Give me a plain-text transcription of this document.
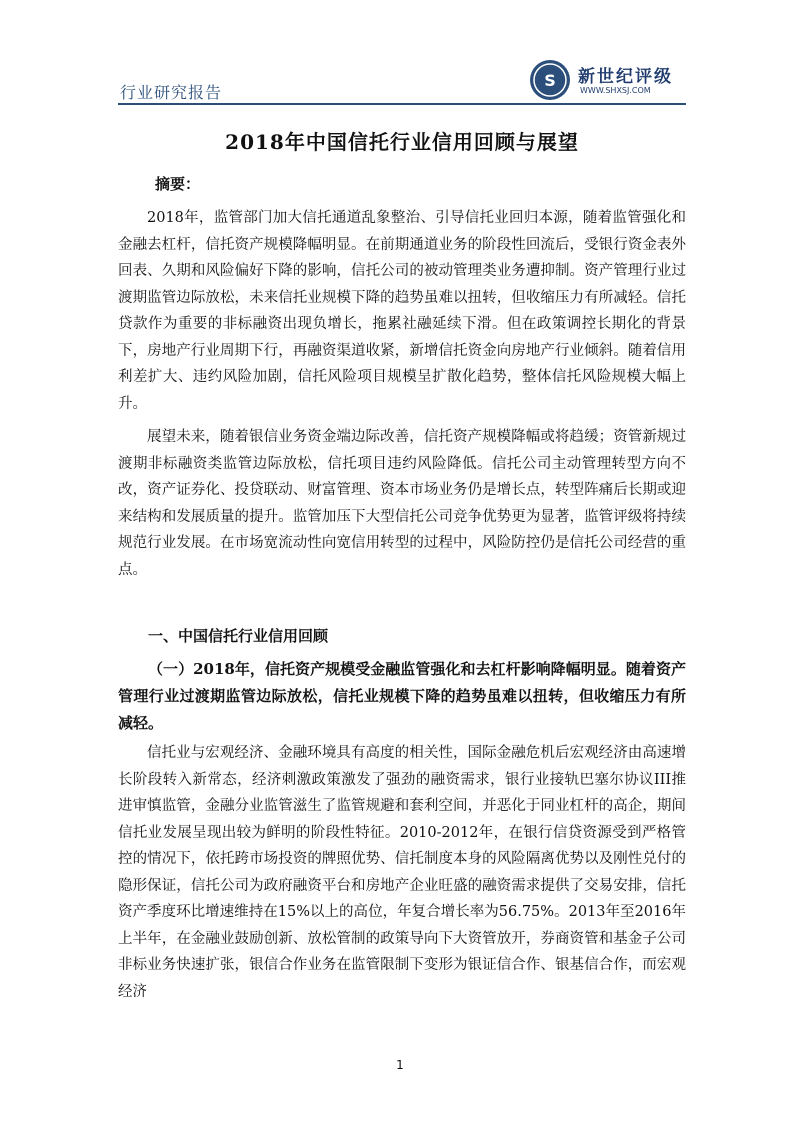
行业研究报告
S 新世纪评级
WWW.SHXSJ.COM
2018年中国信托行业信用回顾与展望
摘要：

2018年，监管部门加大信托通道乱象整治、引导信托业回归本源，随着监管强化和金融去杠杆，信托资产规模降幅明显。在前期通道业务的阶段性回流后，受银行资金表外回表、久期和风险偏好下降的影响，信托公司的被动管理类业务遭抑制。资产管理行业过渡期监管边际放松，未来信托业规模下降的趋势虽难以扭转，但收缩压力有所减轻。信托贷款作为重要的非标融资出现负增长，拖累社融延续下滑。但在政策调控长期化的背景下，房地产行业周期下行，再融资渠道收紧，新增信托资金向房地产行业倾斜。随着信用利差扩大、违约风险加剧，信托风险项目规模呈扩散化趋势，整体信托风险规模大幅上升。

展望未来，随着银信业务资金端边际改善，信托资产规模降幅或将趋缓；资管新规过渡期非标融资类监管边际放松，信托项目违约风险降低。信托公司主动管理转型方向不改，资产证券化、投贷联动、财富管理、资本市场业务仍是增长点，转型阵痛后长期或迎来结构和发展质量的提升。监管加压下大型信托公司竞争优势更为显著，监管评级将持续规范行业发展。在市场宽流动性向宽信用转型的过程中，风险防控仍是信托公司经营的重点。

一、中国信托行业信用回顾

（一）2018年，信托资产规模受金融监管强化和去杠杆影响降幅明显。随着资产管理行业过渡期监管边际放松，信托业规模下降的趋势虽难以扭转，但收缩压力有所减轻。

信托业与宏观经济、金融环境具有高度的相关性，国际金融危机后宏观经济由高速增长阶段转入新常态，经济刺激政策激发了强劲的融资需求，银行业接轨巴塞尔协议III推进审慎监管，金融分业监管滋生了监管规避和套利空间，并恶化于同业杠杆的高企，期间信托业发展呈现出较为鲜明的阶段性特征。2010-2012年，在银行信贷资源受到严格管控的情况下，依托跨市场投资的牌照优势、信托制度本身的风险隔离优势以及刚性兑付的隐形保证，信托公司为政府融资平台和房地产企业旺盛的融资需求提供了交易安排，信托资产季度环比增速维持在15%以上的高位，年复合增长率为56.75%。2013年至2016年上半年，在金融业鼓励创新、放松管制的政策导向下大资管放开，券商资管和基金子公司非标业务快速扩张，银信合作业务在监管限制下变形为银证信合作、银基信合作，而宏观经济

1
